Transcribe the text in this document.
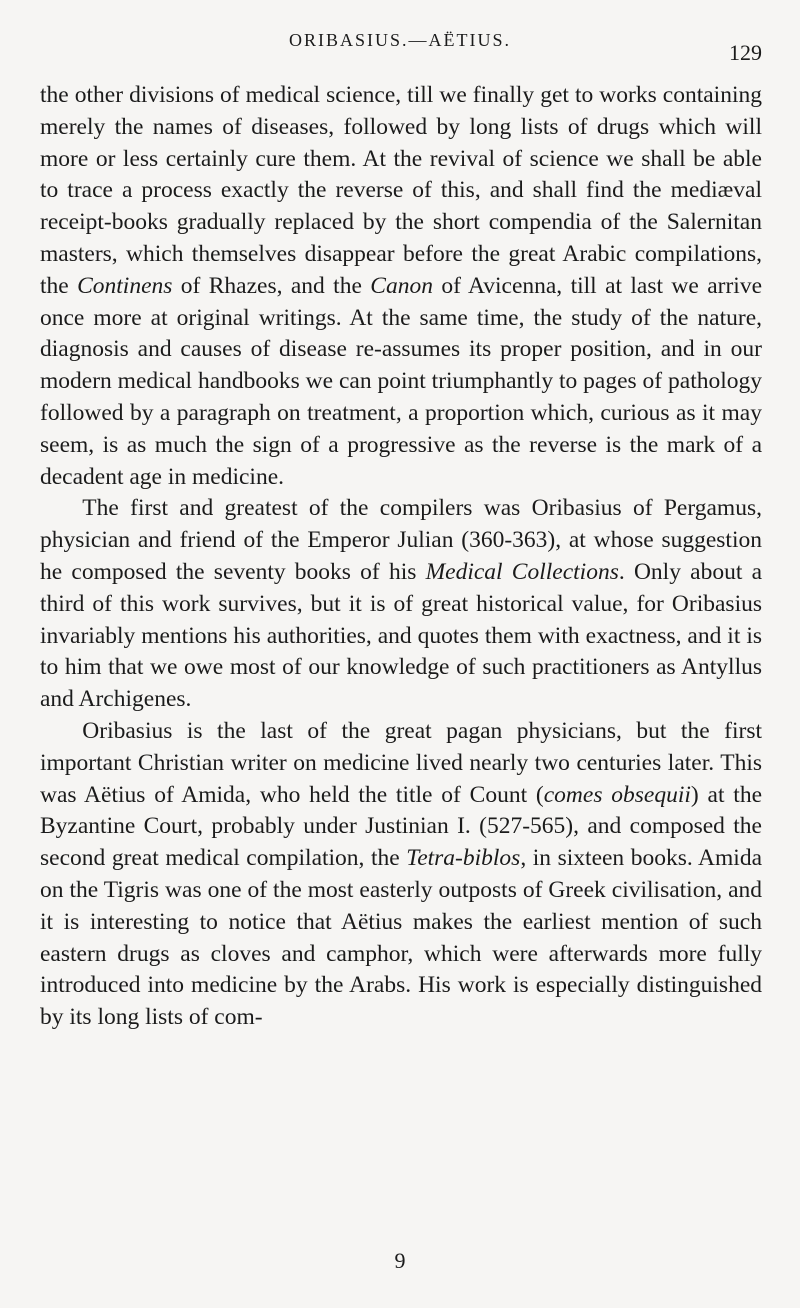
ORIBASIUS.—AËTIUS.	129

the other divisions of medical science, till we finally get to works containing merely the names of diseases, followed by long lists of drugs which will more or less certainly cure them. At the revival of science we shall be able to trace a process exactly the reverse of this, and shall find the mediæval receipt-books gradually replaced by the short compendia of the Salernitan masters, which themselves disappear before the great Arabic compilations, the Continens of Rhazes, and the Canon of Avicenna, till at last we arrive once more at original writings. At the same time, the study of the nature, diagnosis and causes of disease re-assumes its proper position, and in our modern medical handbooks we can point triumphantly to pages of pathology followed by a paragraph on treatment, a proportion which, curious as it may seem, is as much the sign of a progressive as the reverse is the mark of a decadent age in medicine.

The first and greatest of the compilers was Oribasius of Pergamus, physician and friend of the Emperor Julian (360-363), at whose suggestion he composed the seventy books of his Medical Collections. Only about a third of this work survives, but it is of great historical value, for Oribasius invariably mentions his authorities, and quotes them with exactness, and it is to him that we owe most of our knowledge of such practitioners as Antyllus and Archigenes.

Oribasius is the last of the great pagan physicians, but the first important Christian writer on medicine lived nearly two centuries later. This was Aëtius of Amida, who held the title of Count (comes obsequii) at the Byzantine Court, probably under Justinian I. (527-565), and composed the second great medical compilation, the Tetra-biblos, in sixteen books. Amida on the Tigris was one of the most easterly outposts of Greek civilisation, and it is interesting to notice that Aëtius makes the earliest mention of such eastern drugs as cloves and camphor, which were afterwards more fully introduced into medicine by the Arabs. His work is especially distinguished by its long lists of com-

9
